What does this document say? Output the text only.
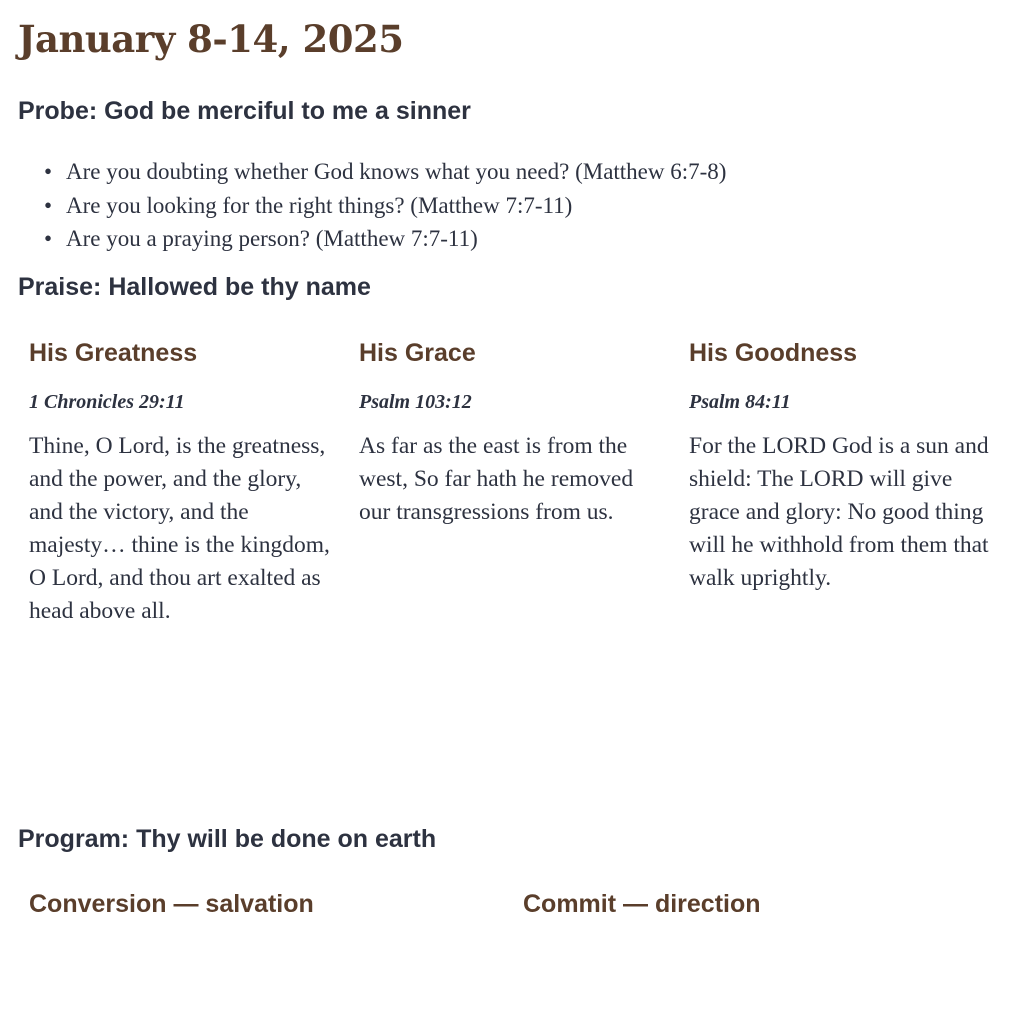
January 8-14, 2025
Probe: God be merciful to me a sinner
• Are you doubting whether God knows what you need? (Matthew 6:7-8)
• Are you looking for the right things? (Matthew 7:7-11)
• Are you a praying person? (Matthew 7:7-11)
Praise: Hallowed be thy name
His Greatness

1 Chronicles 29:11

Thine, O Lord, is the greatness, and the power, and the glory, and the victory, and the majesty… thine is the kingdom, O Lord, and thou art exalted as head above all.

His Grace

Psalm 103:12

As far as the east is from the west, So far hath he removed our transgressions from us.

His Goodness

Psalm 84:11

For the LORD God is a sun and shield: The LORD will give grace and glory: No good thing will he withhold from them that walk uprightly.

Program: Thy will be done on earth
Conversion — salvation	Commit — direction
